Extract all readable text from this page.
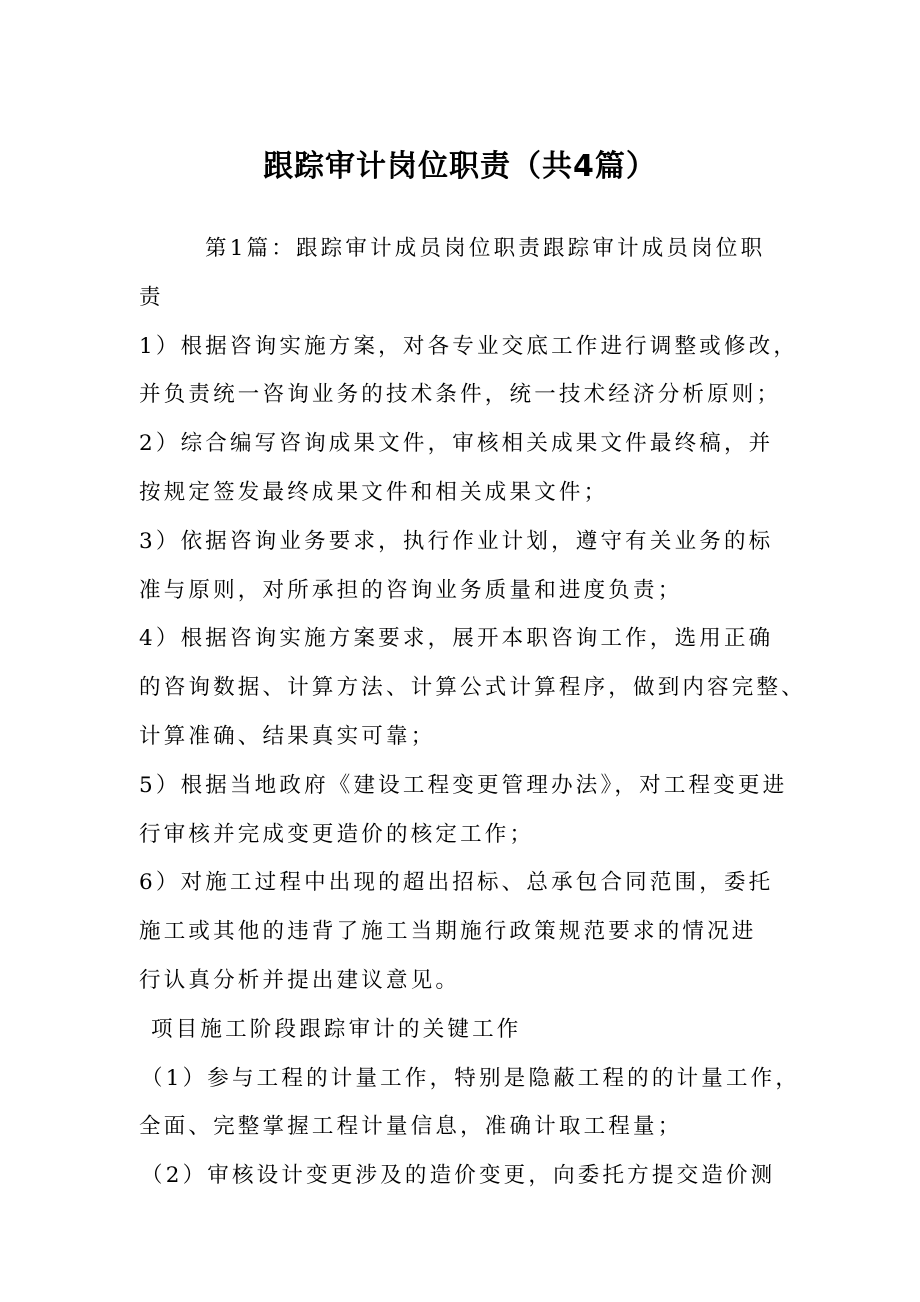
跟踪审计岗位职责（共4篇）

第1篇：跟踪审计成员岗位职责跟踪审计成员岗位职

责

1）根据咨询实施方案，对各专业交底工作进行调整或修改，

并负责统一咨询业务的技术条件，统一技术经济分析原则；

2）综合编写咨询成果文件，审核相关成果文件最终稿，并

按规定签发最终成果文件和相关成果文件；

3）依据咨询业务要求，执行作业计划，遵守有关业务的标

准与原则，对所承担的咨询业务质量和进度负责；

4）根据咨询实施方案要求，展开本职咨询工作，选用正确

的咨询数据、计算方法、计算公式计算程序，做到内容完整、

计算准确、结果真实可靠；

5）根据当地政府《建设工程变更管理办法》，对工程变更进

行审核并完成变更造价的核定工作；

6）对施工过程中出现的超出招标、总承包合同范围，委托

施工或其他的违背了施工当期施行政策规范要求的情况进

行认真分析并提出建议意见。

项目施工阶段跟踪审计的关键工作

（1）参与工程的计量工作，特别是隐蔽工程的的计量工作，

全面、完整掌握工程计量信息，准确计取工程量；

（2）审核设计变更涉及的造价变更，向委托方提交造价测
